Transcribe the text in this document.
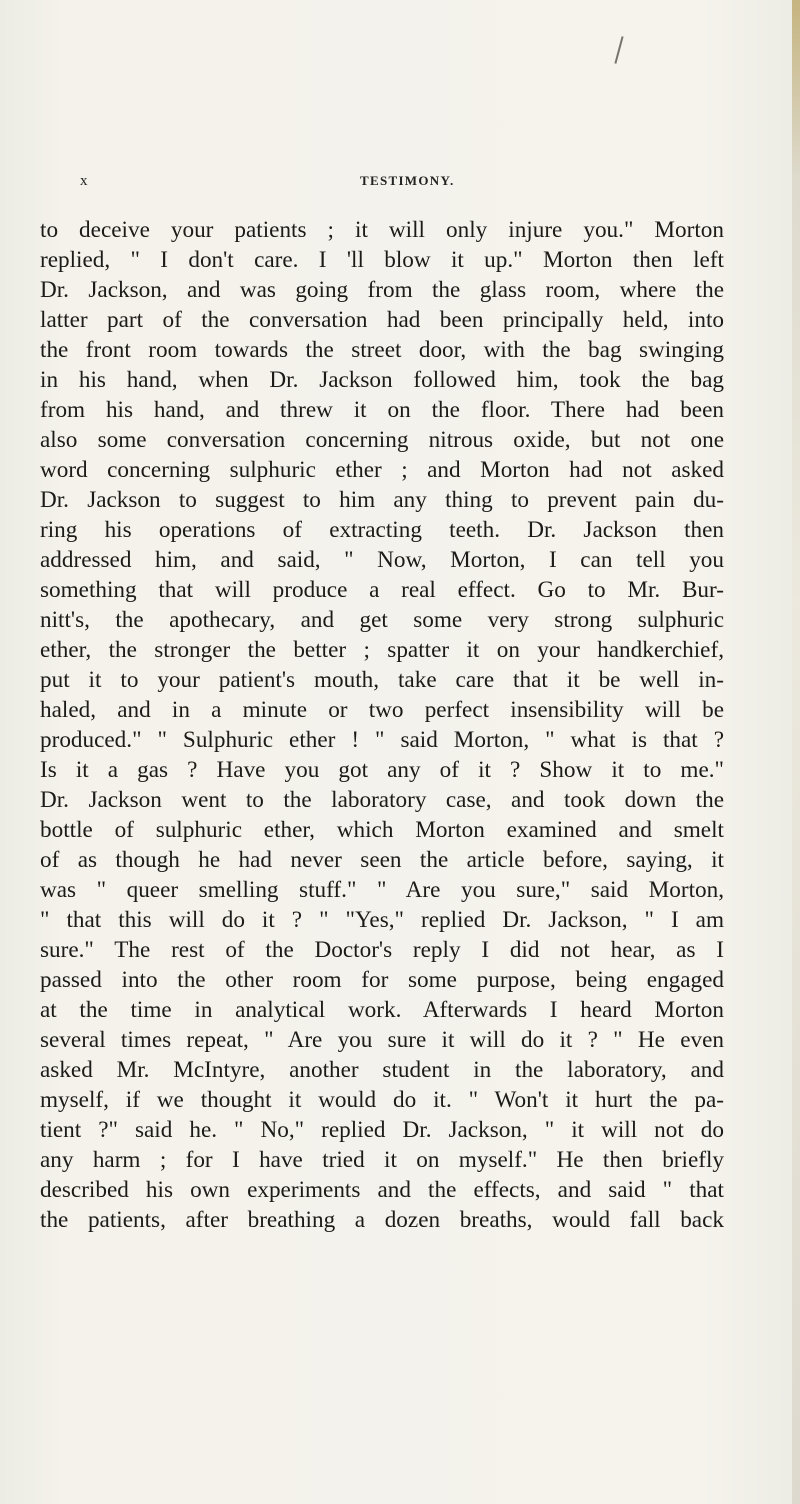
x	TESTIMONY.
to deceive your patients ; it will only injure you." Morton
replied, " I don't care. I 'll blow it up." Morton then left
Dr. Jackson, and was going from the glass room, where the
latter part of the conversation had been principally held, into
the front room towards the street door, with the bag swinging
in his hand, when Dr. Jackson followed him, took the bag
from his hand, and threw it on the floor. There had been
also some conversation concerning nitrous oxide, but not one
word concerning sulphuric ether ; and Morton had not asked
Dr. Jackson to suggest to him any thing to prevent pain du-
ring his operations of extracting teeth. Dr. Jackson then
addressed him, and said, " Now, Morton, I can tell you
something that will produce a real effect. Go to Mr. Bur-
nitt's, the apothecary, and get some very strong sulphuric
ether, the stronger the better ; spatter it on your handkerchief,
put it to your patient's mouth, take care that it be well in-
haled, and in a minute or two perfect insensibility will be
produced." " Sulphuric ether ! " said Morton, " what is that ?
Is it a gas ? Have you got any of it ? Show it to me."
Dr. Jackson went to the laboratory case, and took down the
bottle of sulphuric ether, which Morton examined and smelt
of as though he had never seen the article before, saying, it
was " queer smelling stuff." " Are you sure," said Morton,
" that this will do it ? " "Yes," replied Dr. Jackson, " I am
sure." The rest of the Doctor's reply I did not hear, as I
passed into the other room for some purpose, being engaged
at the time in analytical work. Afterwards I heard Morton
several times repeat, " Are you sure it will do it ? " He even
asked Mr. McIntyre, another student in the laboratory, and
myself, if we thought it would do it. " Won't it hurt the pa-
tient ?" said he. " No," replied Dr. Jackson, " it will not do
any harm ; for I have tried it on myself." He then briefly
described his own experiments and the effects, and said " that
the patients, after breathing a dozen breaths, would fall back
